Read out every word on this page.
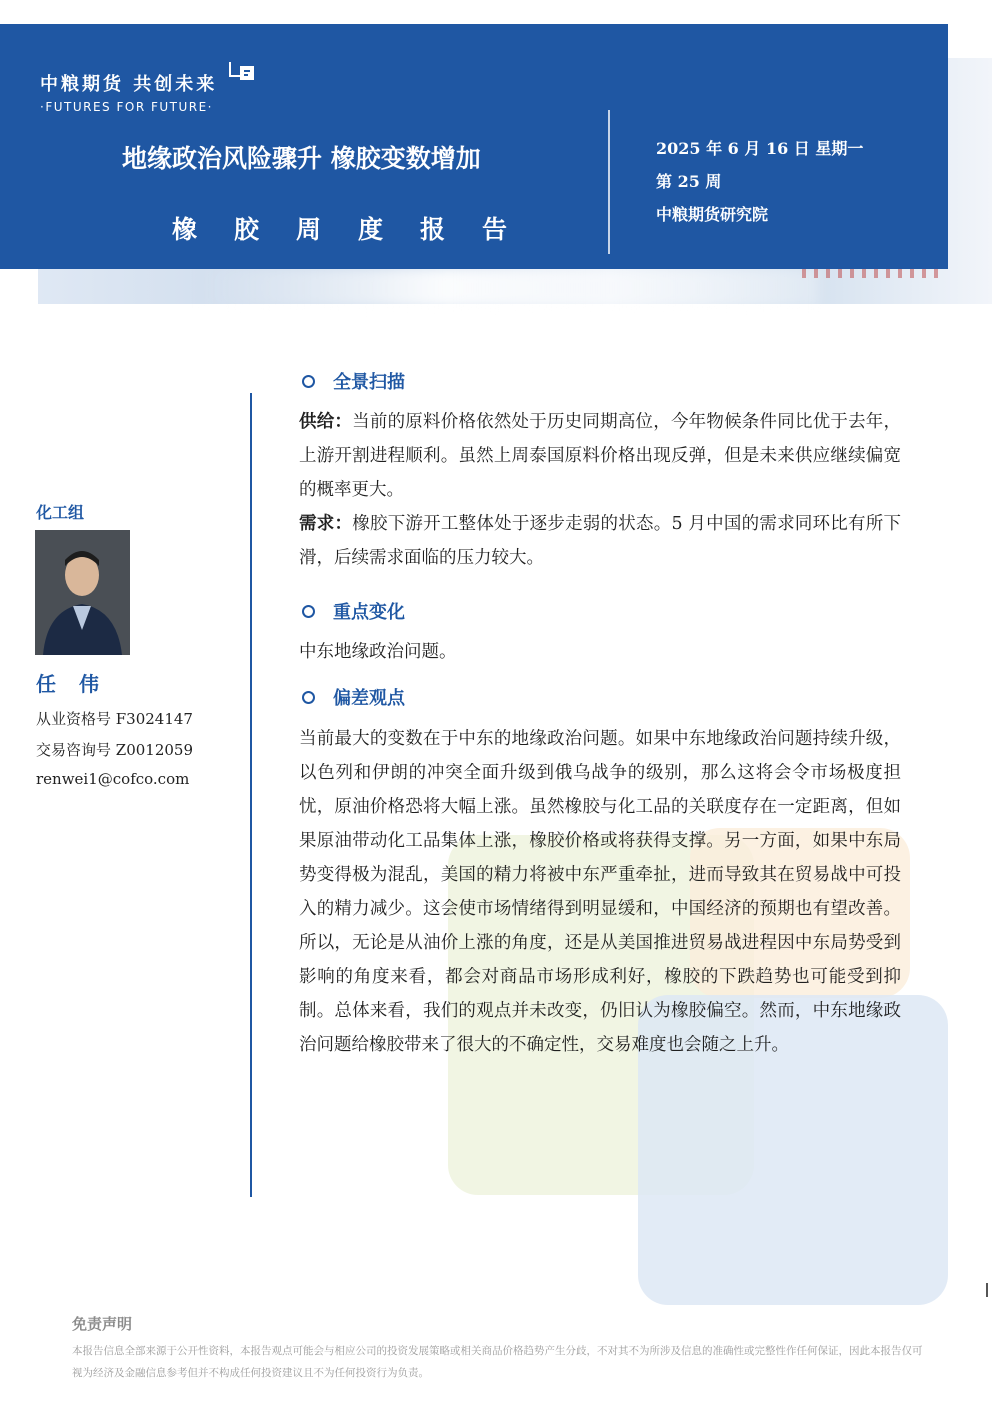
中粮期货 共创未来
·FUTURES FOR FUTURE·
地缘政治风险骤升 橡胶变数增加
橡胶周度报告
2025 年 6 月 16 日 星期一
第 25 周
中粮期货研究院
化工组
任 伟
从业资格号 F3024147
交易咨询号 Z0012059
renwei1@cofco.com
全景扫描
供给：当前的原料价格依然处于历史同期高位，今年物候条件同比优于去年，上游开割进程顺利。虽然上周泰国原料价格出现反弹，但是未来供应继续偏宽的概率更大。
需求：橡胶下游开工整体处于逐步走弱的状态。5 月中国的需求同环比有所下滑，后续需求面临的压力较大。
重点变化
中东地缘政治问题。
偏差观点
当前最大的变数在于中东的地缘政治问题。如果中东地缘政治问题持续升级，以色列和伊朗的冲突全面升级到俄乌战争的级别，那么这将会令市场极度担忧，原油价格恐将大幅上涨。虽然橡胶与化工品的关联度存在一定距离，但如果原油带动化工品集体上涨，橡胶价格或将获得支撑。另一方面，如果中东局势变得极为混乱，美国的精力将被中东严重牵扯，进而导致其在贸易战中可投入的精力减少。这会使市场情绪得到明显缓和，中国经济的预期也有望改善。所以，无论是从油价上涨的角度，还是从美国推进贸易战进程因中东局势受到影响的角度来看，都会对商品市场形成利好，橡胶的下跌趋势也可能受到抑制。总体来看，我们的观点并未改变，仍旧认为橡胶偏空。然而，中东地缘政治问题给橡胶带来了很大的不确定性，交易难度也会随之上升。
免责声明
本报告信息全部来源于公开性资料，本报告观点可能会与相应公司的投资发展策略或相关商品价格趋势产生分歧，不对其不为所涉及信息的准确性或完整性作任何保证，因此本报告仅可视为经济及金融信息参考但并不构成任何投资建议且不为任何投资行为负责。
